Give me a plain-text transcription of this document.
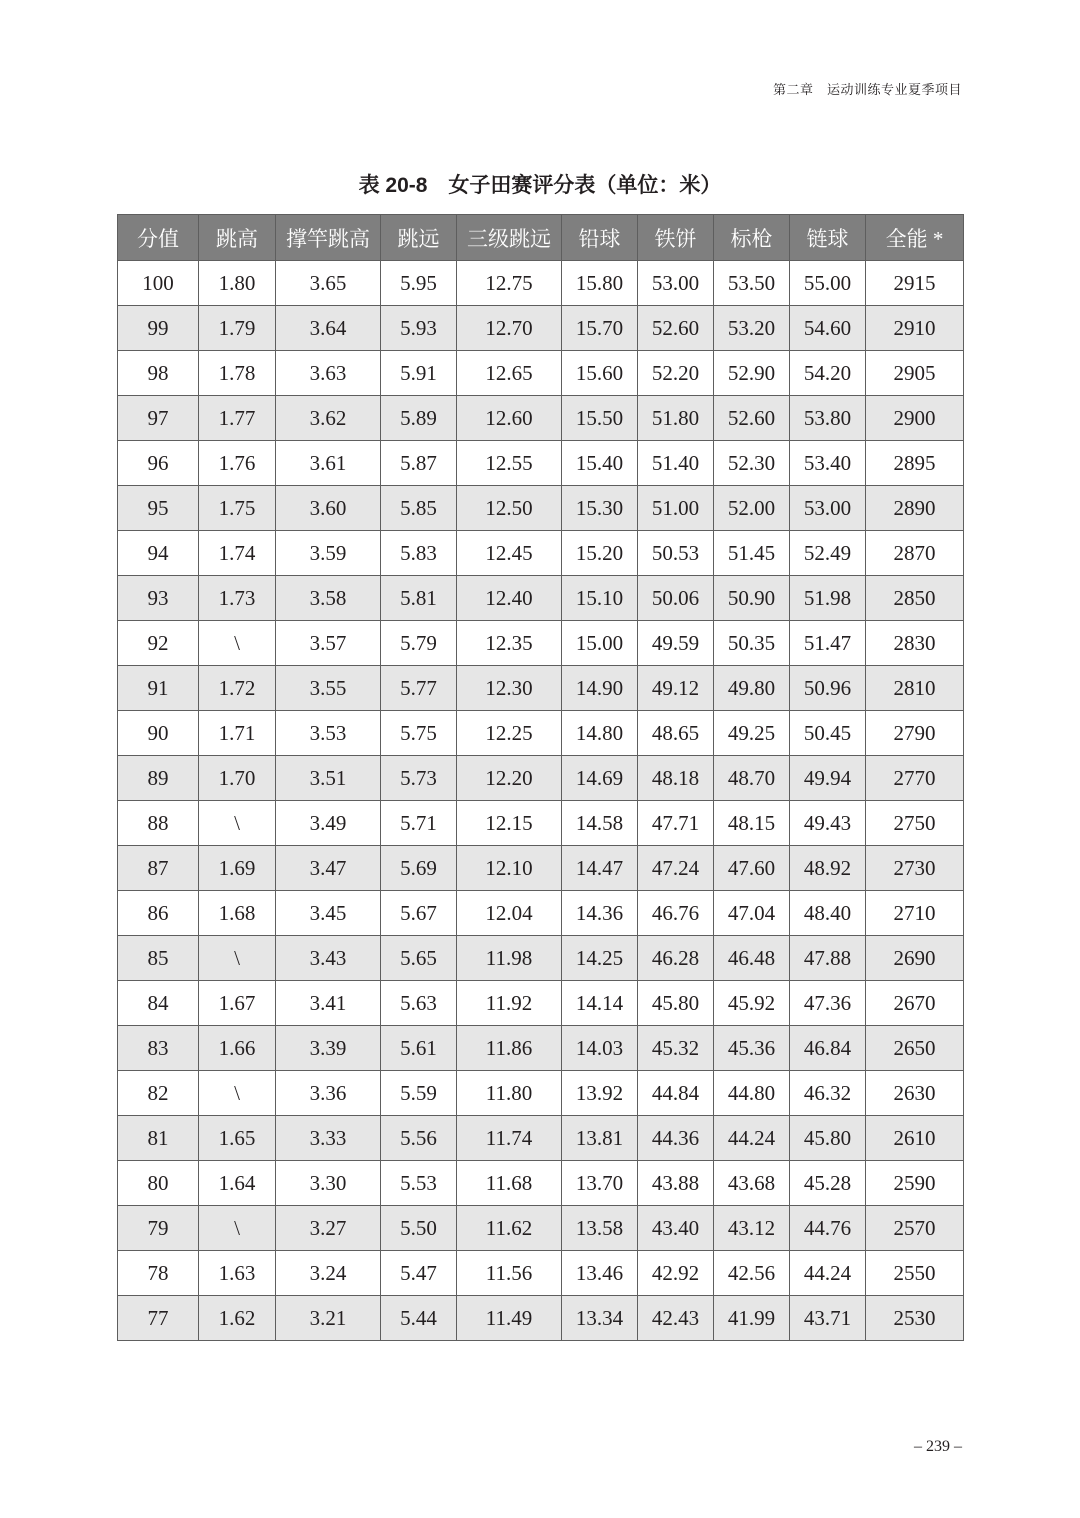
第二章　运动训练专业夏季项目
表 20-8　女子田赛评分表（单位：米）
分值	跳高	撑竿跳高	跳远	三级跳远	铅球	铁饼	标枪	链球	全能 *
100	1.80	3.65	5.95	12.75	15.80	53.00	53.50	55.00	2915
99	1.79	3.64	5.93	12.70	15.70	52.60	53.20	54.60	2910
98	1.78	3.63	5.91	12.65	15.60	52.20	52.90	54.20	2905
97	1.77	3.62	5.89	12.60	15.50	51.80	52.60	53.80	2900
96	1.76	3.61	5.87	12.55	15.40	51.40	52.30	53.40	2895
95	1.75	3.60	5.85	12.50	15.30	51.00	52.00	53.00	2890
94	1.74	3.59	5.83	12.45	15.20	50.53	51.45	52.49	2870
93	1.73	3.58	5.81	12.40	15.10	50.06	50.90	51.98	2850
92	\	3.57	5.79	12.35	15.00	49.59	50.35	51.47	2830
91	1.72	3.55	5.77	12.30	14.90	49.12	49.80	50.96	2810
90	1.71	3.53	5.75	12.25	14.80	48.65	49.25	50.45	2790
89	1.70	3.51	5.73	12.20	14.69	48.18	48.70	49.94	2770
88	\	3.49	5.71	12.15	14.58	47.71	48.15	49.43	2750
87	1.69	3.47	5.69	12.10	14.47	47.24	47.60	48.92	2730
86	1.68	3.45	5.67	12.04	14.36	46.76	47.04	48.40	2710
85	\	3.43	5.65	11.98	14.25	46.28	46.48	47.88	2690
84	1.67	3.41	5.63	11.92	14.14	45.80	45.92	47.36	2670
83	1.66	3.39	5.61	11.86	14.03	45.32	45.36	46.84	2650
82	\	3.36	5.59	11.80	13.92	44.84	44.80	46.32	2630
81	1.65	3.33	5.56	11.74	13.81	44.36	44.24	45.80	2610
80	1.64	3.30	5.53	11.68	13.70	43.88	43.68	45.28	2590
79	\	3.27	5.50	11.62	13.58	43.40	43.12	44.76	2570
78	1.63	3.24	5.47	11.56	13.46	42.92	42.56	44.24	2550
77	1.62	3.21	5.44	11.49	13.34	42.43	41.99	43.71	2530
– 239 –
